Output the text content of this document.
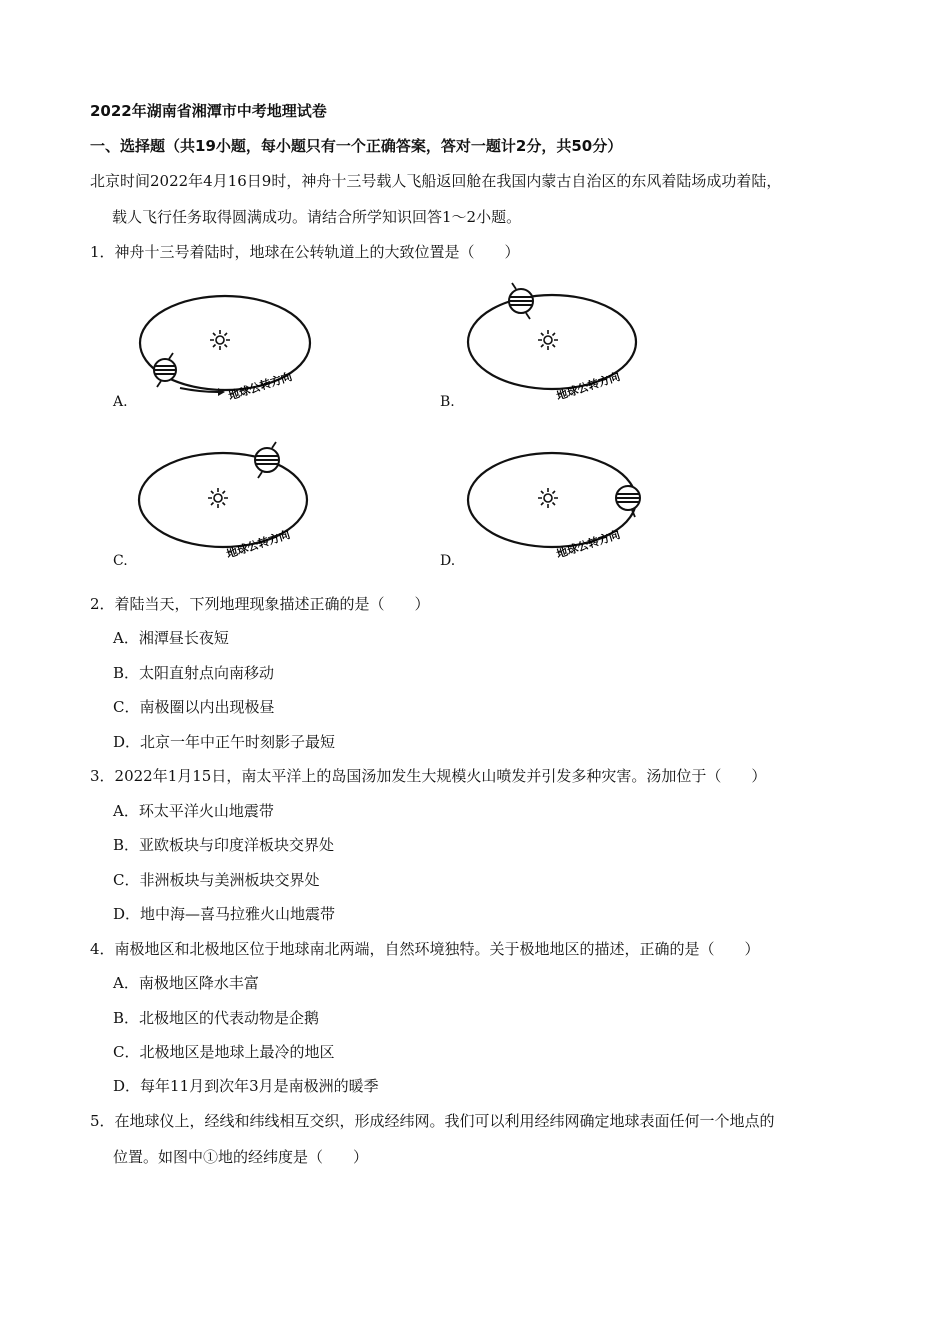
2022年湖南省湘潭市中考地理试卷
一、选择题（共19小题，每小题只有一个正确答案，答对一题计2分，共50分）
北京时间2022年4月16日9时，神舟十三号载人飞船返回舱在我国内蒙古自治区的东风着陆场成功着陆，
载人飞行任务取得圆满成功。请结合所学知识回答1～2小题。
1．神舟十三号着陆时，地球在公转轨道上的大致位置是（　　）
A.	地球公转方向	B.	地球公转方向
C.
地球公转方向
D.
地球公转方向
2．着陆当天，下列地理现象描述正确的是（　　）
A．湘潭昼长夜短
B．太阳直射点向南移动
C．南极圈以内出现极昼
D．北京一年中正午时刻影子最短
3．2022年1月15日，南太平洋上的岛国汤加发生大规模火山喷发并引发多种灾害。汤加位于（　　）
A．环太平洋火山地震带
B．亚欧板块与印度洋板块交界处
C．非洲板块与美洲板块交界处
D．地中海—喜马拉雅火山地震带
4．南极地区和北极地区位于地球南北两端，自然环境独特。关于极地地区的描述，正确的是（　　）
A．南极地区降水丰富
B．北极地区的代表动物是企鹅
C．北极地区是地球上最冷的地区
D．每年11月到次年3月是南极洲的暖季
5．在地球仪上，经线和纬线相互交织，形成经纬网。我们可以利用经纬网确定地球表面任何一个地点的
位置。如图中①地的经纬度是（　　）
